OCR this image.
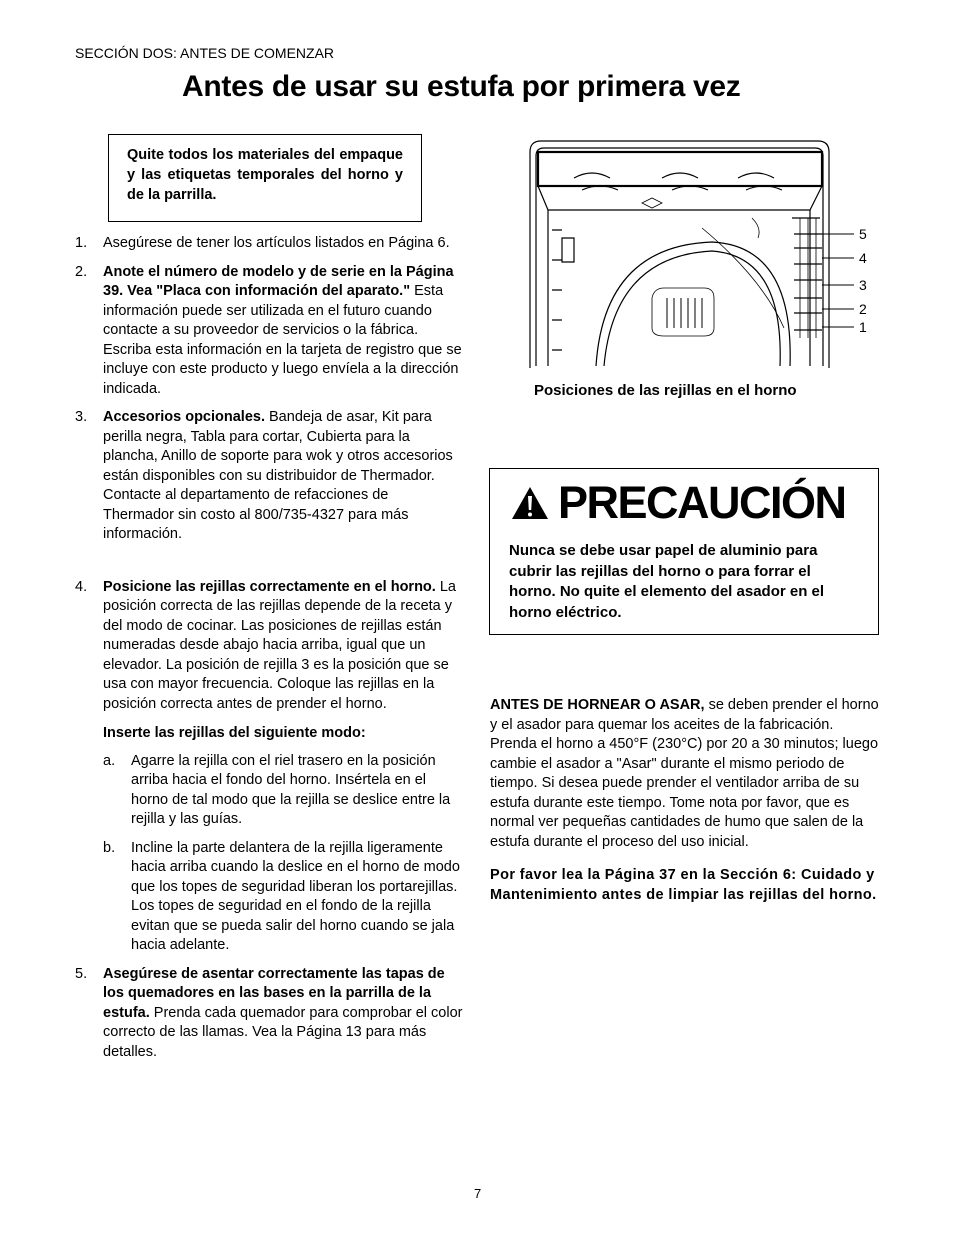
SECCIÓN DOS: ANTES DE COMENZAR
Antes de usar su estufa por primera vez
Quite todos los materiales del empaque y las etiquetas temporales del horno y de la parrilla.
1. Asegúrese de tener los artículos listados en Página 6.

2. Anote el número de modelo y de serie en la Página 39. Vea "Placa con información del aparato." Esta información puede ser utilizada en el futuro cuando contacte a su proveedor de servicios o la fábrica. Escriba esta información en la tarjeta de registro que se incluye con este producto y luego envíela a la dirección indicada.

3. Accesorios opcionales. Bandeja de asar, Kit para perilla negra, Tabla para cortar, Cubierta para la plancha, Anillo de soporte para wok y otros accesorios están disponibles con su distribuidor de Thermador. Contacte al departamento de refacciones de Thermador sin costo al 800/735-4327 para más información.

4. Posicione las rejillas correctamente en el horno. La posición correcta de las rejillas depende de la receta y del modo de cocinar. Las posiciones de rejillas están numeradas desde abajo hacia arriba, igual que un elevador. La posición de rejilla 3 es la posición que se usa con mayor frecuencia. Coloque las rejillas en la posición correcta antes de prender el horno.

Inserte las rejillas del siguiente modo:
a. Agarre la rejilla con el riel trasero en la posición arriba hacia el fondo del horno. Insértela en el horno de tal modo que la rejilla se deslice entre la rejilla y las guías.
b. Incline la parte delantera de la rejilla ligeramente hacia arriba cuando la deslice en el horno de modo que los topes de seguridad liberan los portarejillas. Los topes de seguridad en el fondo de la rejilla evitan que se pueda salir del horno cuando se jala hacia adelante.
5. Asegúrese de asentar correctamente las tapas de los quemadores en las bases en la parrilla de la estufa. Prenda cada quemador para comprobar el color correcto de las llamas. Vea la Página 13 para más detalles.

5
4
3
2
1
Posiciones de las rejillas en el horno
PRECAUCIÓN
Nunca se debe usar papel de aluminio para cubrir las rejillas del horno o para forrar el horno. No quite el elemento del asador en el horno eléctrico.

ANTES DE HORNEAR O ASAR, se deben prender el horno y el asador para quemar los aceites de la fabricación. Prenda el horno a 450°F (230°C) por 20 a 30 minutos; luego cambie el asador a "Asar" durante el mismo periodo de tiempo. Si desea puede prender el ventilador arriba de su estufa durante este tiempo. Tome nota por favor, que es normal ver pequeñas cantidades de humo que salen de la estufa durante el proceso del uso inicial.

Por favor lea la Página 37 en la Sección 6: Cuidado y Mantenimiento antes de limpiar las rejillas del horno.

7
